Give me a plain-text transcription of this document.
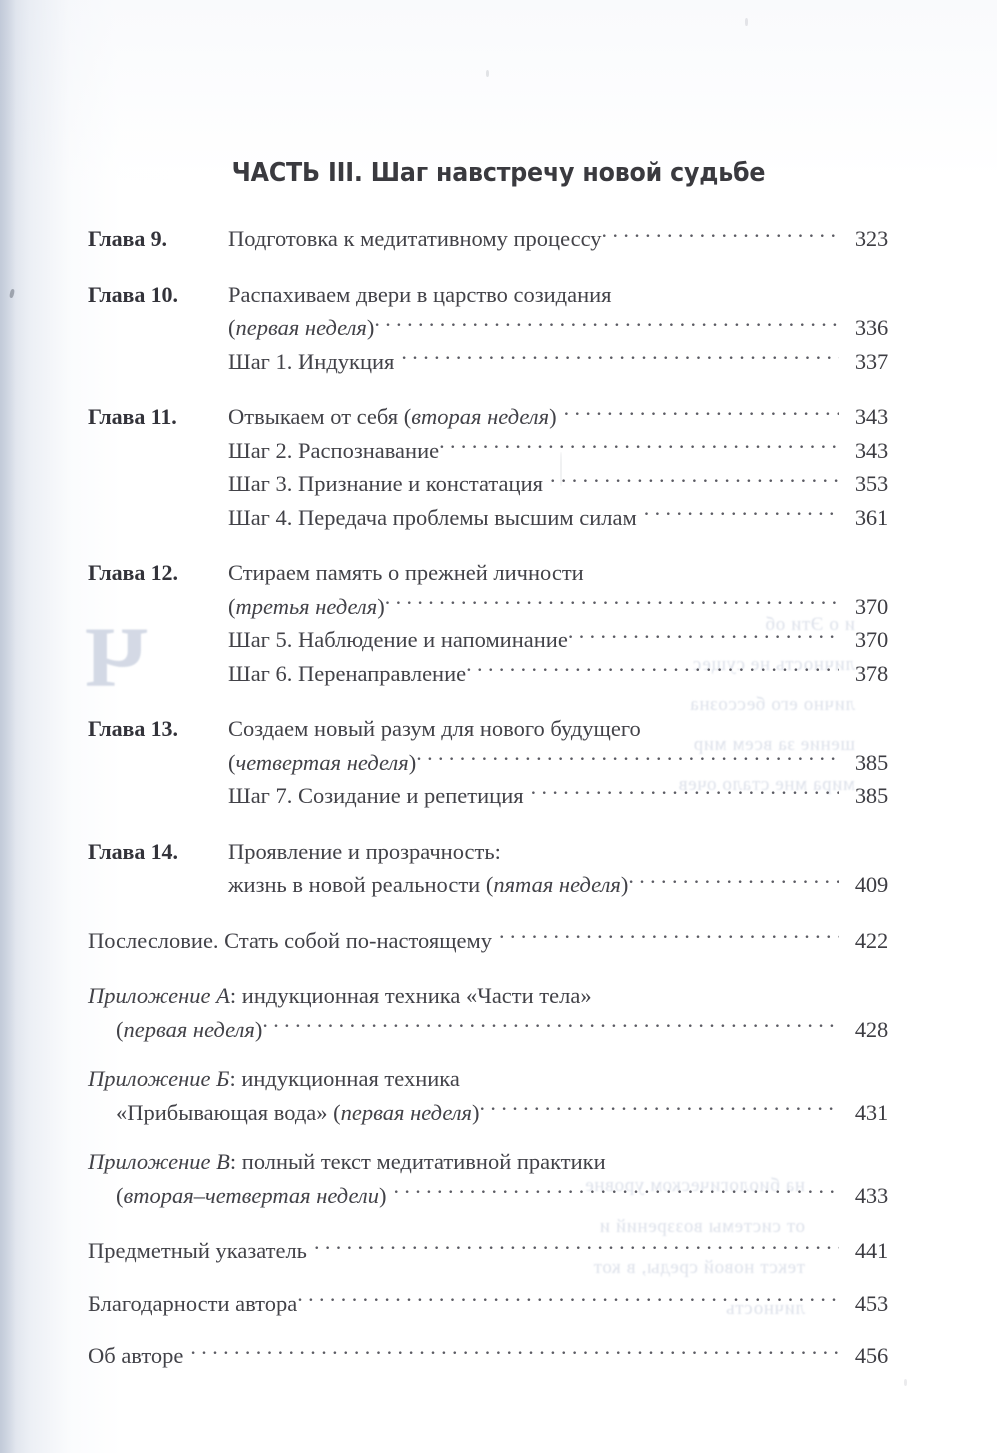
Ч	и о Эти об
личность не сущес
лично его бессозна
шение за всем мир
мира мне стало очев
на биологическом уровне
от системы воззрений и
текст новой среды, в кот
личность
ЧАСТЬ III. Шаг навстречу новой судьбе
Глава 9.	Подготовка к медитативному процессу .....	323
Глава 10.	Распахиваем двери в царство созидания

(первая неделя) .....	336

Шаг 1. Индукция .....	337
Глава 11.	Отвыкаем от себя (вторая неделя) .....	343

Шаг 2. Распознавание .....	343

Шаг 3. Признание и констатация .....	353

Шаг 4. Передача проблемы высшим силам .....	361
Глава 12.	Стираем память о прежней личности

(третья неделя) .....	370

Шаг 5. Наблюдение и напоминание .....	370

Шаг 6. Перенаправление .....	378
Глава 13.	Создаем новый разум для нового будущего

(четвертая неделя) .....	385

Шаг 7. Созидание и репетиция .....	385
Глава 14.	Проявление и прозрачность:

жизнь в новой реальности (пятая неделя) .....	409
Послесловие. Стать собой по-настоящему .....	422
Приложение А: индукционная техника «Части тела»
(первая неделя) .....	428
Приложение Б: индукционная техника
«Прибывающая вода» (первая неделя) .....	431
Приложение В: полный текст медитативной практики
(вторая–четвертая недели) .....	433
Предметный указатель .....	441
Благодарности автора .....	453
Об авторе .....	456
